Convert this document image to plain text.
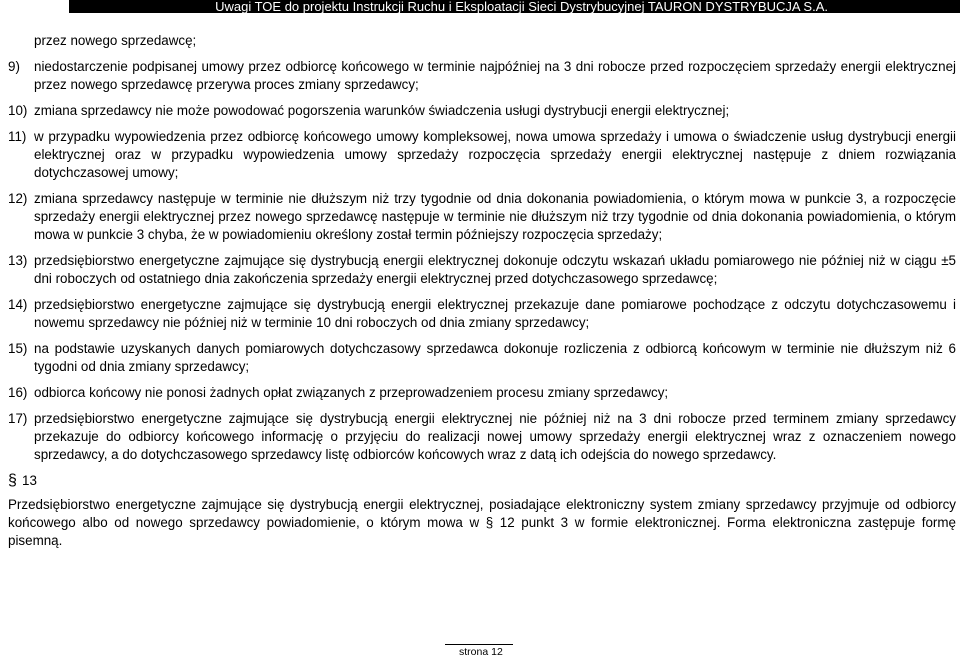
Uwagi TOE do projektu Instrukcji Ruchu i Eksploatacji Sieci Dystrybucyjnej TAURON DYSTRYBUCJA S.A.
przez nowego sprzedawcę;
9)	niedostarczenie podpisanej umowy przez odbiorcę końcowego w terminie najpóźniej na 3 dni robocze przed rozpoczęciem sprzedaży energii elektrycznej przez nowego sprzedawcę przerywa proces zmiany sprzedawcy;
10) zmiana sprzedawcy nie może powodować pogorszenia warunków świadczenia usługi dystrybucji energii elektrycznej;
11) w przypadku wypowiedzenia przez odbiorcę końcowego umowy kompleksowej, nowa umowa sprzedaży i umowa o świadczenie usług dystrybucji energii elektrycznej oraz w przypadku wypowiedzenia umowy sprzedaży rozpoczęcia sprzedaży energii elektrycznej następuje z dniem rozwiązania dotychczasowej umowy;
12) zmiana sprzedawcy następuje w terminie nie dłuższym niż trzy tygodnie od dnia dokonania powiadomienia, o którym mowa w punkcie 3, a rozpoczęcie sprzedaży energii elektrycznej przez nowego sprzedawcę następuje w terminie nie dłuższym niż trzy tygodnie od dnia dokonania powiadomienia, o którym mowa w punkcie 3 chyba, że w powiadomieniu określony został termin późniejszy rozpoczęcia sprzedaży;
13) przedsiębiorstwo energetyczne zajmujące się dystrybucją energii elektrycznej dokonuje odczytu wskazań układu pomiarowego nie później niż w ciągu ±5 dni roboczych od ostatniego dnia zakończenia sprzedaży energii elektrycznej przed dotychczasowego sprzedawcę;
14) przedsiębiorstwo energetyczne zajmujące się dystrybucją energii elektrycznej przekazuje dane pomiarowe pochodzące z odczytu dotychczasowemu i nowemu sprzedawcy nie później niż w terminie 10 dni roboczych od dnia zmiany sprzedawcy;
15) na podstawie uzyskanych danych pomiarowych dotychczasowy sprzedawca dokonuje rozliczenia z odbiorcą końcowym w terminie nie dłuższym niż 6 tygodni od dnia zmiany sprzedawcy;
16) odbiorca końcowy nie ponosi żadnych opłat związanych z przeprowadzeniem procesu zmiany sprzedawcy;
17) przedsiębiorstwo energetyczne zajmujące się dystrybucją energii elektrycznej nie później niż na 3 dni robocze przed terminem zmiany sprzedawcy przekazuje do odbiorcy końcowego informację o przyjęciu do realizacji nowej umowy sprzedaży energii elektrycznej wraz z oznaczeniem nowego sprzedawcy, a do dotychczasowego sprzedawcy listę odbiorców końcowych wraz z datą ich odejścia do nowego sprzedawcy.
§ 13

Przedsiębiorstwo energetyczne zajmujące się dystrybucją energii elektrycznej, posiadające elektroniczny system zmiany sprzedawcy przyjmuje od odbiorcy końcowego albo od nowego sprzedawcy powiadomienie, o którym mowa w § 12 punkt 3 w formie elektronicznej. Forma elektroniczna zastępuje formę pisemną.

strona 12
